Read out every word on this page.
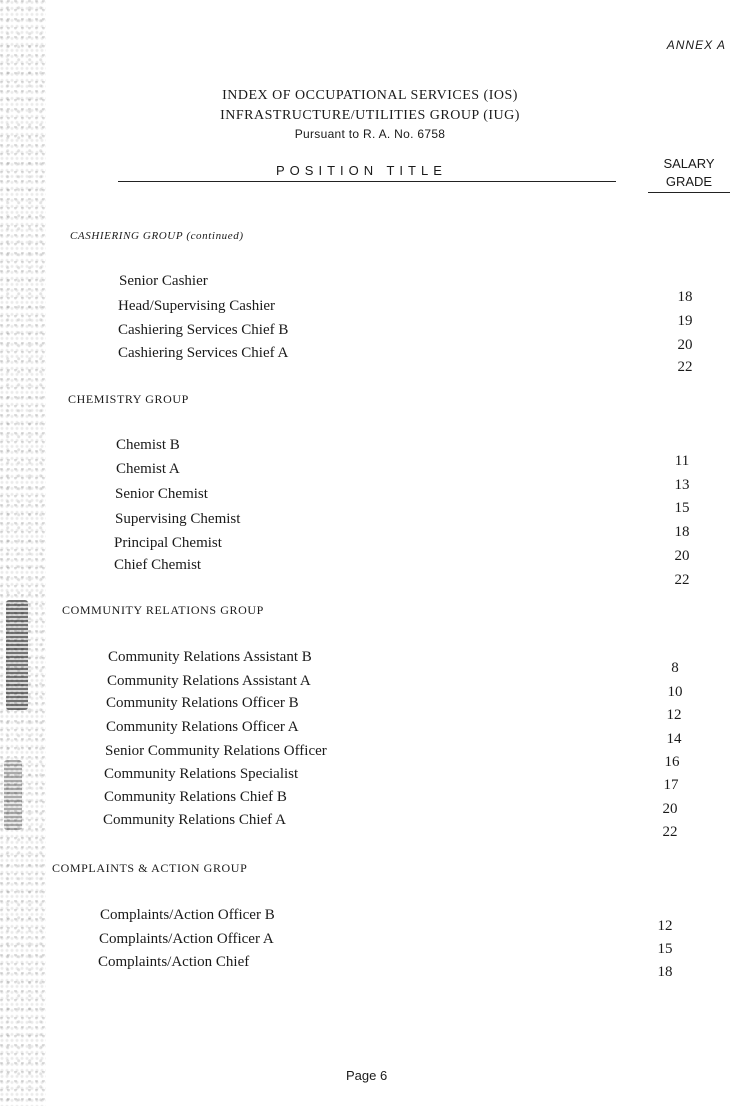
ANNEX A
INDEX OF OCCUPATIONAL SERVICES (IOS)
INFRASTRUCTURE/UTILITIES GROUP (IUG)
Pursuant to R. A. No. 6758
POSITION TITLE	SALARY
GRADE
CASHIERING GROUP (continued)
Senior Cashier
Head/Supervising Cashier
Cashiering Services Chief B
Cashiering Services Chief A
18
19
20
22
CHEMISTRY GROUP
Chemist B
Chemist A
Senior Chemist
Supervising Chemist
Principal Chemist
Chief Chemist
11
13
15
18
20
22
COMMUNITY RELATIONS GROUP
Community Relations Assistant B
Community Relations Assistant A
Community Relations Officer B
Community Relations Officer A
Senior Community Relations Officer
Community Relations Specialist
Community Relations Chief B
Community Relations Chief A
8
10
12
14
16
17
20
22
COMPLAINTS & ACTION GROUP
Complaints/Action Officer B
Complaints/Action Officer A
Complaints/Action Chief
12
15
18
Page 6
